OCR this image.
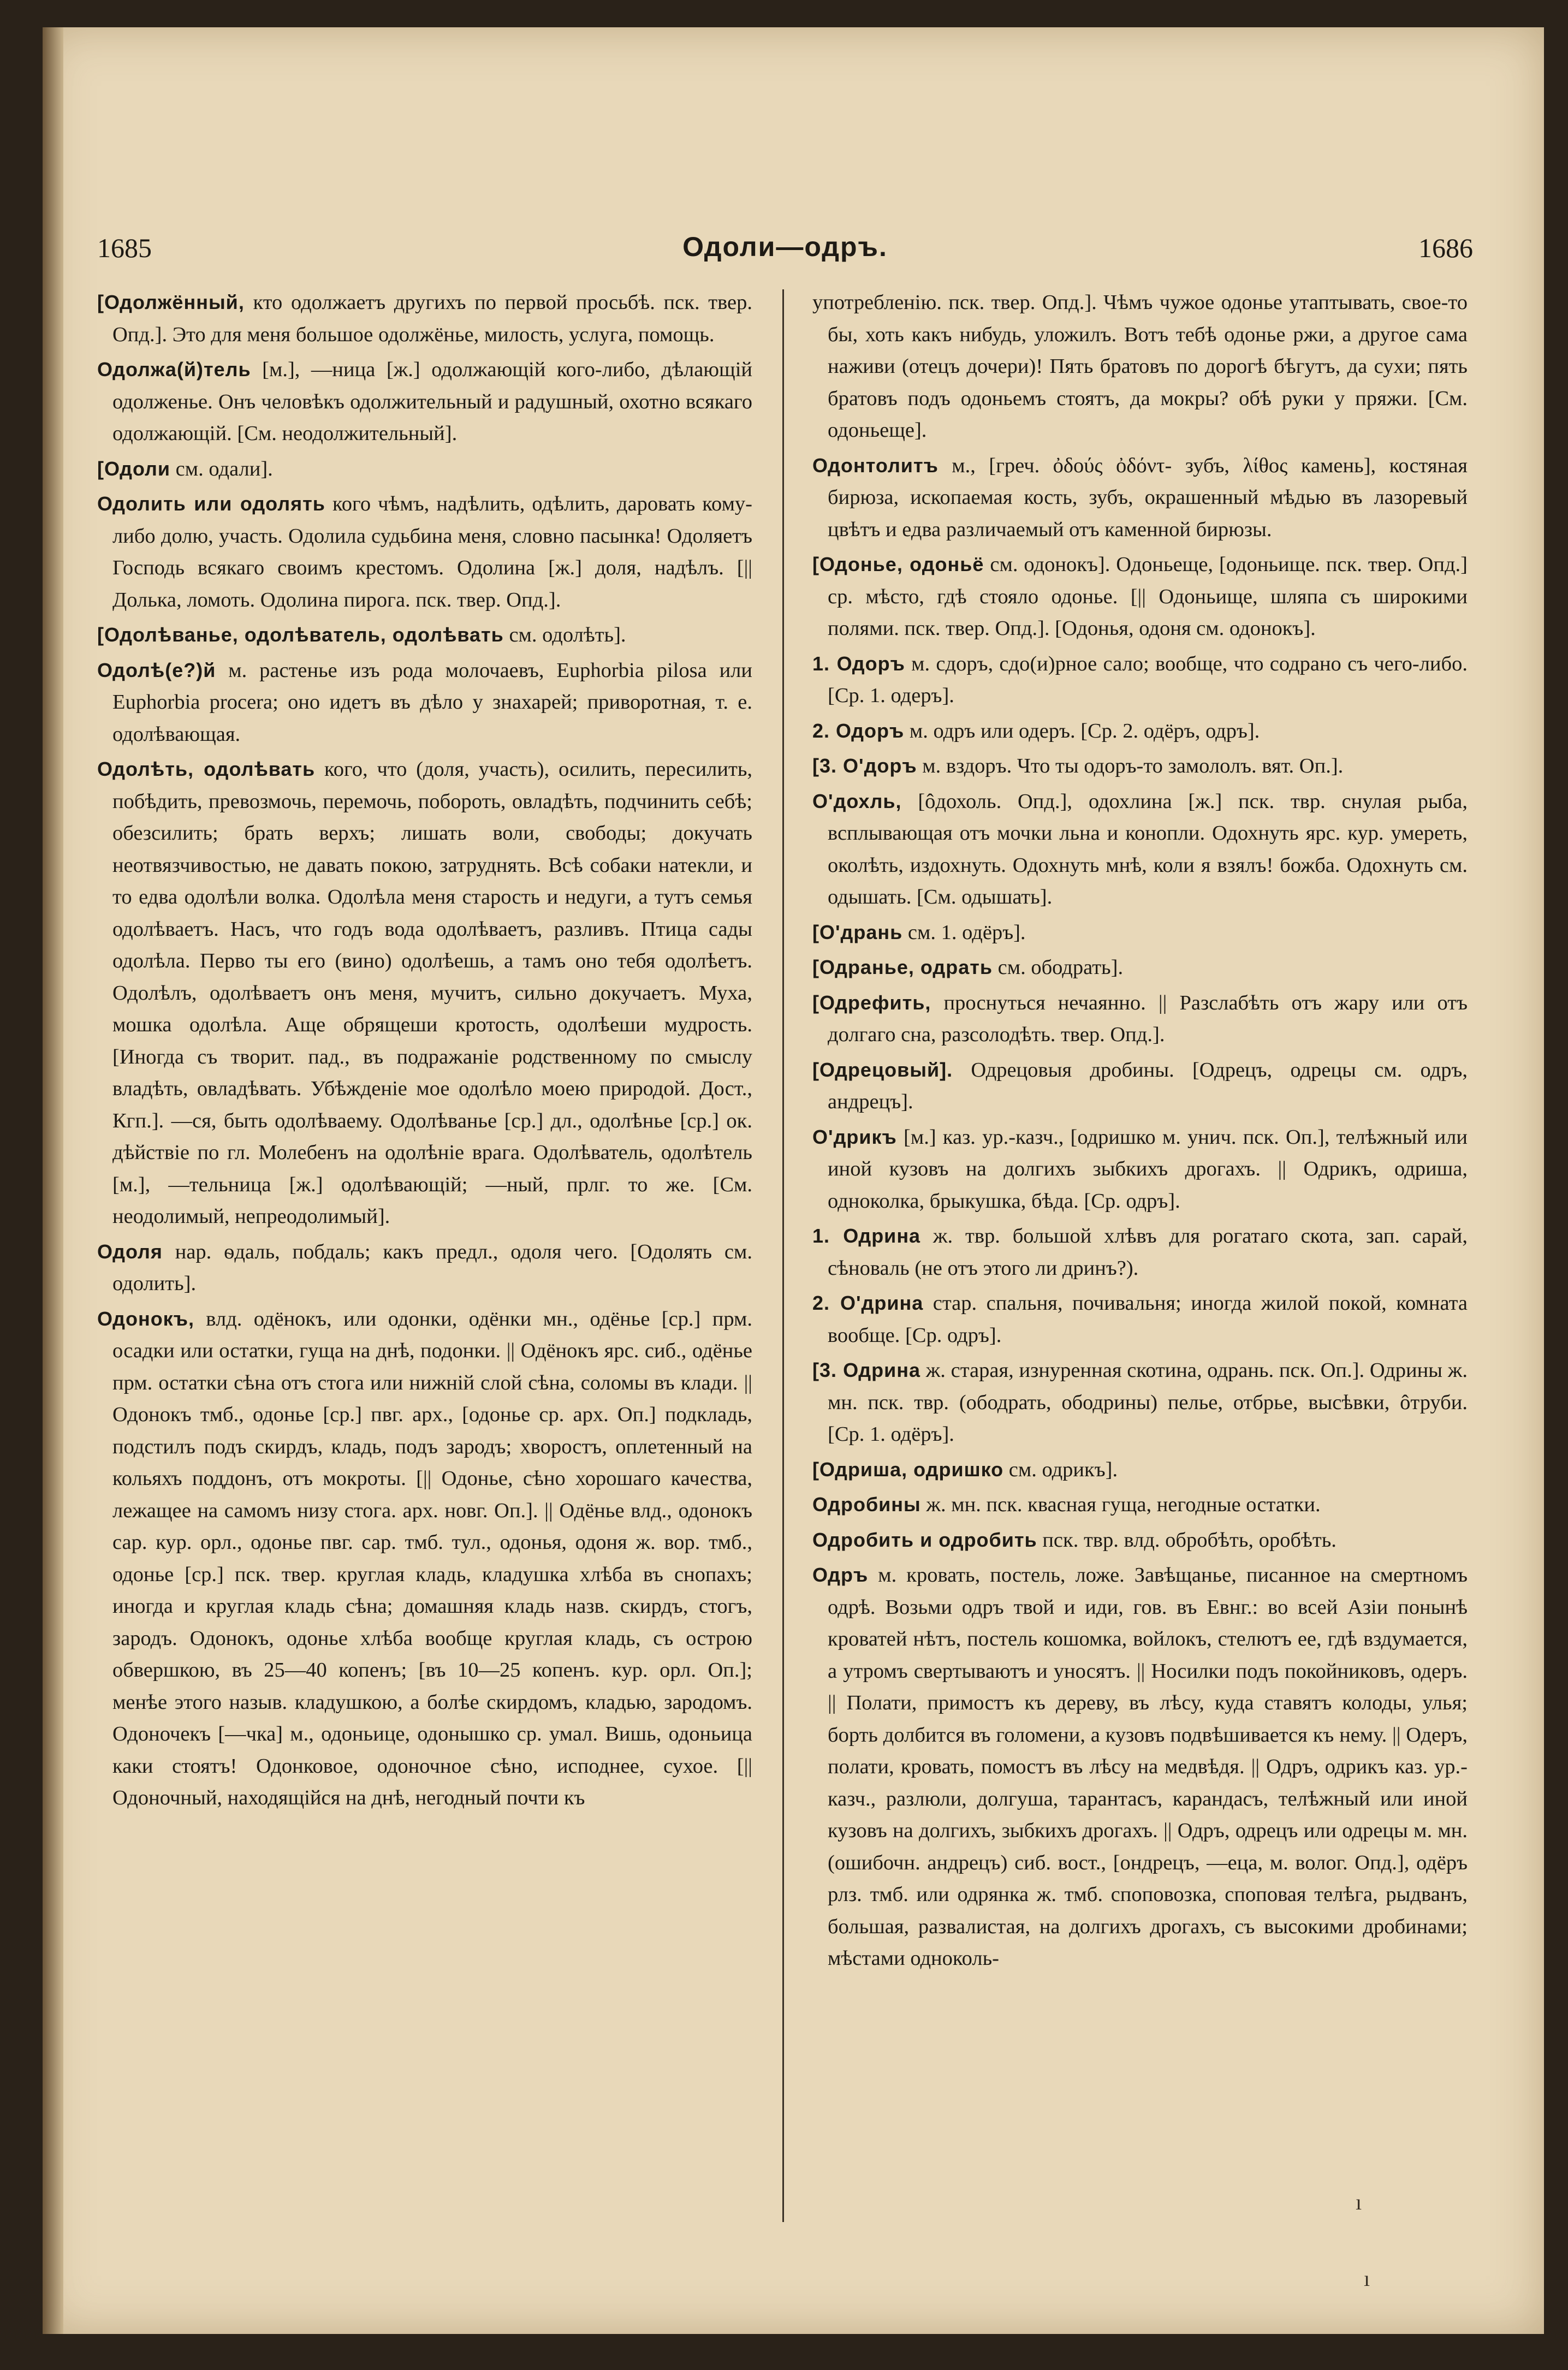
1685	Одоли—одръ.	1686

[Одолжённый, кто одолжаетъ другихъ по первой просьбѣ. пск. твер. Опд.]. Это для меня большое одолжёнье, милость, услуга, помощь.

Одолжа(й)тель [м.], —ница [ж.] одолжающій кого-либо, дѣлающій одолженье. Онъ человѣкъ одолжительный и радушный, охотно всякаго одолжающій. [См. неодолжительный].

[Одоли см. одали].

Одолить или одолять кого чѣмъ, надѣлить, одѣлить, даровать кому-либо долю, участь. Одолила судьбина меня, словно пасынка! Одоляетъ Господь всякаго своимъ крестомъ. Одолина [ж.] доля, надѣлъ. [||Долька, ломоть. Одолина пирога. пск. твер. Опд.].

[Одолѣванье, одолѣватель, одолѣвать см. одолѣть].

Одолѣ(е?)й м. растенье изъ рода молочаевъ, Euphorbia pilosa или Euphorbia procera; оно идетъ въ дѣло у знахарей; приворотная, т. е. одолѣвающая.

Одолѣть, одолѣвать кого, что (доля, участь), осилить, пересилить, побѣдить, превозмочь, перемочь, побороть, овладѣть, подчинить себѣ; обезсилить; брать верхъ; лишать воли, свободы; докучать неотвязчивостью, не давать покою, затруднять. Всѣ собаки натекли, и то едва одолѣли волка. Одолѣла меня старость и недуги, а тутъ семья одолѣваетъ. Насъ, что годъ вода одолѣваетъ, разливъ. Птица сады одолѣла. Перво ты его (вино) одолѣешь, а тамъ оно тебя одолѣетъ. Одолѣлъ, одолѣваетъ онъ меня, мучитъ, сильно докучаетъ. Муха, мошка одолѣла. Аще обрящеши кротость, одолѣеши мудрость. [Иногда съ творит. пад., въ подражаніе родственному по смыслу владѣть, овладѣвать. Убѣжденіе мое одолѣло моею природой. Дост., Кгп.]. —ся, быть одолѣваему. Одолѣванье [ср.] дл., одолѣнье [ср.] ок. дѣйствіе по гл. Молебенъ на одолѣніе врага. Одолѣватель, одолѣтель [м.], —тельница [ж.] одолѣвающій; —ный, прлг. то же. [См. неодолимый, непреодолимый].

Одоля нар. ѳдаль, побдаль; какъ предл., одоля чего. [Одолять см. одолить].

Одонокъ, влд. одёнокъ, или одонки, одёнки мн., одёнье [ср.] прм. осадки или остатки, гуща на днѣ, подонки. || Одёнокъ ярс. сиб., одёнье прм. остатки сѣна отъ стога или нижній слой сѣна, соломы въ клади. || Одонокъ тмб., одонье [ср.] пвг. арх., [одонье ср. арх. Оп.] подкладь, подстилъ подъ скирдъ, кладь, подъ зародъ; хворостъ, оплетенный на кольяхъ поддонъ, отъ мокроты. [|| Одонье, сѣно хорошаго качества, лежащее на самомъ низу стога. арх. новг. Оп.]. || Одёнье влд., одонокъ сар. кур. орл., одонье пвг. сар. тмб. тул., одонья, одоня ж. вор. тмб., одонье [ср.] пск. твер. круглая кладь, кладушка хлѣба въ снопахъ; иногда и круглая кладь сѣна; домашняя кладь назв. скирдъ, стогъ, зародъ. Одонокъ, одонье хлѣба вообще круглая кладь, съ острою обвершкою, въ 25—40 копенъ; [въ 10—25 копенъ. кур. орл. Оп.]; менѣе этого назыв. кладушкою, а болѣе скирдомъ, кладью, зародомъ. Одоночекъ [—чка] м., одоньице, одонышко ср. умал. Вишь, одоньица каки стоятъ! Одонковое, одоночное сѣно, исподнее, сухое. [|| Одоночный, находящійся на днѣ, негодный почти къ

употребленію. пск. твер. Опд.]. Чѣмъ чужое одонье утаптывать, свое-то бы, хоть какъ нибудь, уложилъ. Вотъ тебѣ одонье ржи, а другое сама наживи (отецъ дочери)! Пять братовъ по дорогѣ бѣгутъ, да сухи; пять братовъ подъ одоньемъ стоятъ, да мокры? обѣ руки у пряжи. [См. одоньеще].

Одонтолитъ м., [греч. ὀδούς ὀδόντ- зубъ, λίθος камень], костяная бирюза, ископаемая кость, зубъ, окрашенный мѣдью въ лазоревый цвѣтъ и едва различаемый отъ каменной бирюзы.

[Одонье, одоньё см. одонокъ]. Одоньеще, [одоньище. пск. твер. Опд.] ср. мѣсто, гдѣ стояло одонье. [|| Одоньище, шляпа съ широкими полями. пск. твер. Опд.]. [Одонья, одоня см. одонокъ].

1. Одоръ м. сдоръ, сдо(и)рное сало; вообще, что содрано съ чего-либо. [Ср. 1. одеръ].

2. Одоръ м. одръ или одеръ. [Ср. 2. одёръ, одръ].

[3. О'доръ м. вздоръ. Что ты одоръ-то замололъ. вят. Оп.].

О'дохль, [ôдохоль. Опд.], одохлина [ж.] пск. твр. снулая рыба, всплывающая отъ мочки льна и конопли. Одохнуть ярс. кур. умереть, околѣть, издохнуть. Одохнуть мнѣ, коли я взялъ! божба. Одохнуть см. одышать. [См. одышать].

[О'дрань см. 1. одёръ].

[Одранье, одрать см. ободрать].

[Одрефить, проснуться нечаянно. || Разслабѣть отъ жару или отъ долгаго сна, разсолодѣть. твер. Опд.].

[Одрецовый]. Одрецовыя дробины. [Одрецъ, одрецы см. одръ, андрецъ].

О'дрикъ [м.] каз. ур.-казч., [одришко м. унич. пск. Оп.], телѣжный или иной кузовъ на долгихъ зыбкихъ дрогахъ. || Одрикъ, одриша, одноколка, брыкушка, бѣда. [Ср. одръ].

1. Одрина ж. твр. большой хлѣвъ для рогатаго скота, зап. сарай, сѣноваль (не отъ этого ли дринъ?).

2. О'дрина стар. спальня, почивальня; иногда жилой покой, комната вообще. [Ср. одръ].

[3. Одрина ж. старая, изнуренная скотина, одрань. пск. Оп.]. Одрины ж. мн. пск. твр. (ободрать, ободрины) пелье, отбрье, высѣвки, ôтруби. [Ср. 1. одёръ].

[Одриша, одришко см. одрикъ].

Одробины ж. мн. пск. квасная гуща, негодные остатки.

Одробить и одробить пск. твр. влд. обробѣть, оробѣть.

Одръ м. кровать, постель, ложе. Завѣщанье, писанное на смертномъ одрѣ. Возьми одръ твой и иди, гов. въ Евнг.: во всей Азіи понынѣ кроватей нѣтъ, постель кошомка, войлокъ, стелютъ ее, гдѣ вздумается, а утромъ свертываютъ и уносятъ. || Носилки подъ покойниковъ, одеръ. || Полати, примостъ къ дереву, въ лѣсу, куда ставятъ колоды, улья; борть долбится въ голомени, а кузовъ подвѣшивается къ нему. || Одеръ, полати, кровать, помостъ въ лѣсу на медвѣдя. || Одръ, одрикъ каз. ур.-казч., разлюли, долгуша, тарантасъ, карандасъ, телѣжный или иной кузовъ на долгихъ, зыбкихъ дрогахъ. || Одръ, одрецъ или одрецы м. мн. (ошибочн. андрецъ) сиб. вост., [ондрецъ, —еца, м. волог. Опд.], одёръ рлз. тмб. или одрянка ж. тмб. споповозка, споповая телѣга, рыдванъ, большая, развалистая, на долгихъ дрогахъ, съ высокими дробинами; мѣстами одноколь-

ı
ı
